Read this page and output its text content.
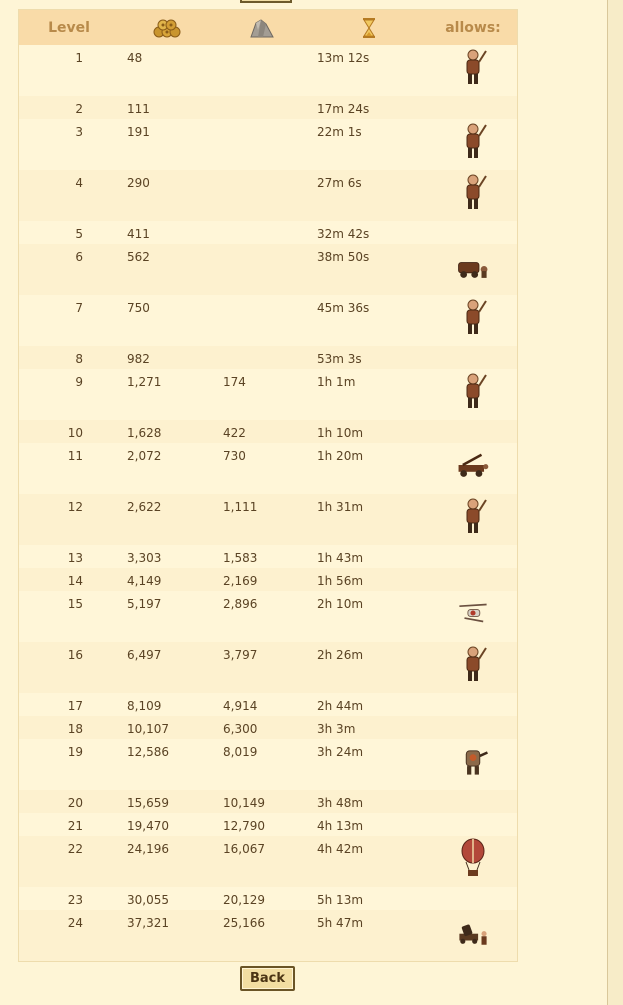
Level				allows:
1	48		13m 12s	
2	111		17m 24s	
3	191		22m 1s	
4	290		27m 6s	
5	411		32m 42s	
6	562		38m 50s	
7	750		45m 36s	
8	982		53m 3s	
9	1,271	174	1h 1m	
10	1,628	422	1h 10m	
11	2,072	730	1h 20m	
12	2,622	1,111	1h 31m	
13	3,303	1,583	1h 43m	
14	4,149	2,169	1h 56m	
15	5,197	2,896	2h 10m	
16	6,497	3,797	2h 26m	
17	8,109	4,914	2h 44m	
18	10,107	6,300	3h 3m	
19	12,586	8,019	3h 24m	
20	15,659	10,149	3h 48m	
21	19,470	12,790	4h 13m	
22	24,196	16,067	4h 42m	
23	30,055	20,129	5h 13m	
24	37,321	25,166	5h 47m	
Back
